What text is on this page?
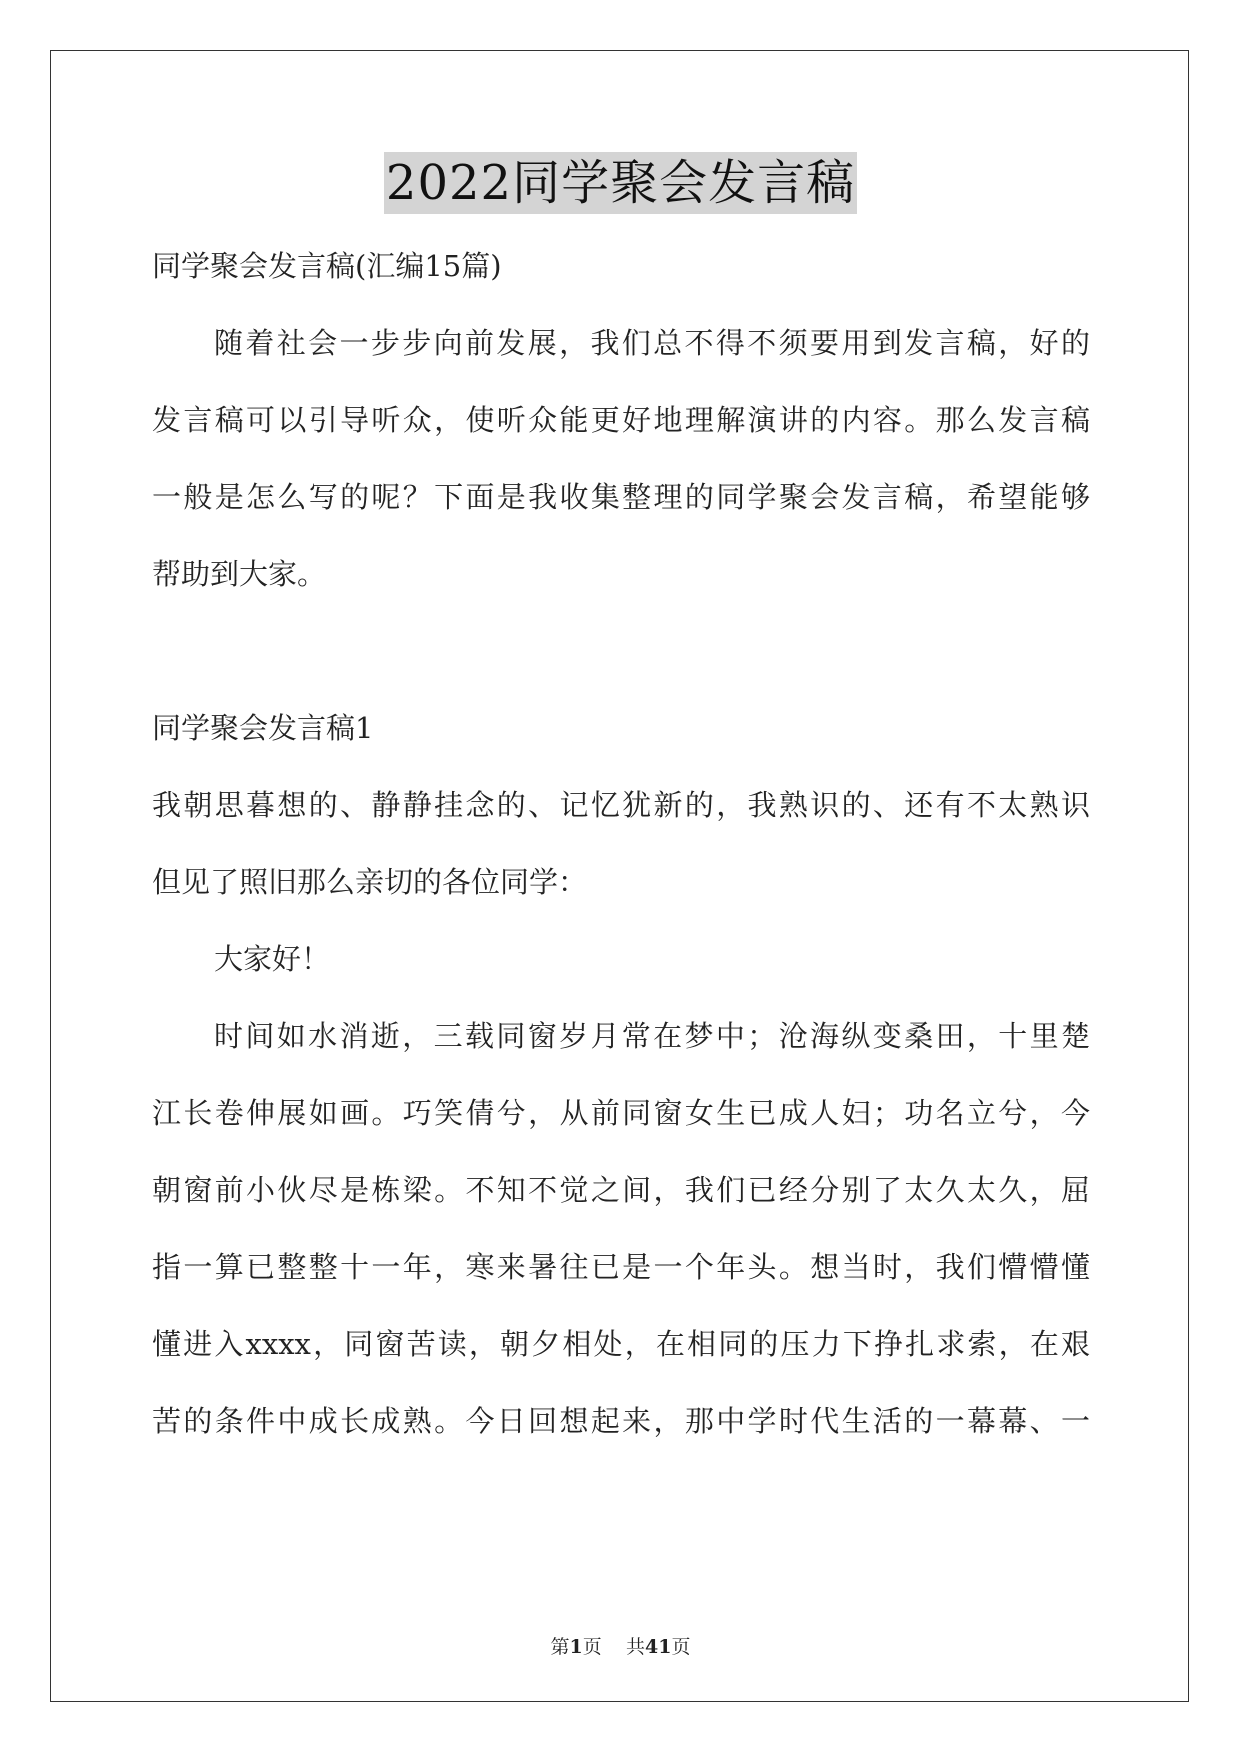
2022同学聚会发言稿
同学聚会发言稿(汇编15篇)
随着社会一步步向前发展，我们总不得不须要用到发言稿，好的
发言稿可以引导听众，使听众能更好地理解演讲的内容。那么发言稿
一般是怎么写的呢？下面是我收集整理的同学聚会发言稿，希望能够
帮助到大家。
同学聚会发言稿1
我朝思暮想的、静静挂念的、记忆犹新的，我熟识的、还有不太熟识
但见了照旧那么亲切的各位同学：
大家好！
时间如水消逝，三载同窗岁月常在梦中；沧海纵变桑田，十里楚
江长卷伸展如画。巧笑倩兮，从前同窗女生已成人妇；功名立兮，今
朝窗前小伙尽是栋梁。不知不觉之间，我们已经分别了太久太久，屈
指一算已整整十一年，寒来暑往已是一个年头。想当时，我们懵懵懂
懂进入xxxx，同窗苦读，朝夕相处，在相同的压力下挣扎求索，在艰
苦的条件中成长成熟。今日回想起来，那中学时代生活的一幕幕、一
第1页 共41页
